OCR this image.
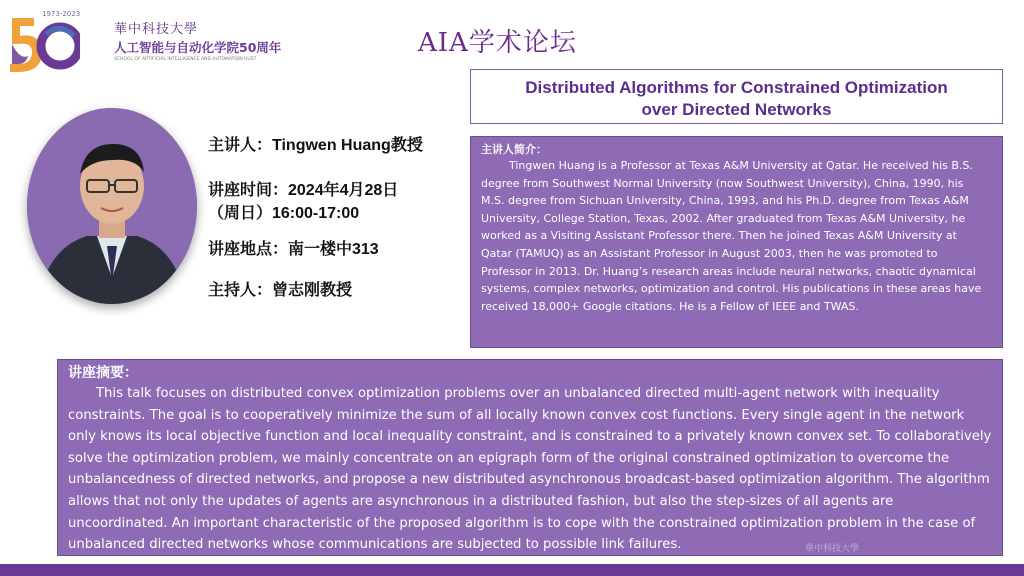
1973-2023
華中科技大學
人工智能与自动化学院50周年
SCHOOL OF ARTIFICIAL INTELLIGENCE AND AUTOMATION HUST
AIA学术论坛
Distributed Algorithms for Constrained Optimization
over Directed Networks
主讲人：Tingwen Huang教授
讲座时间：2024年4月28日
（周日）16:00-17:00
讲座地点：南一楼中313
主持人：曾志刚教授
主讲人简介：
Tingwen Huang is a Professor at Texas A&M University at Qatar. He received his B.S. degree from Southwest Normal University (now Southwest University), China, 1990, his M.S. degree from Sichuan University, China, 1993, and his Ph.D. degree from Texas A&M University, College Station, Texas, 2002. After graduated from Texas A&M University, he worked as a Visiting Assistant Professor there. Then he joined Texas A&M University at Qatar (TAMUQ) as an Assistant Professor in August 2003, then he was promoted to Professor in 2013. Dr. Huang’s research areas include neural networks, chaotic dynamical systems, complex networks, optimization and control. His publications in these areas have received 18,000+ Google citations. He is a Fellow of IEEE and TWAS.
讲座摘要：
This talk focuses on distributed convex optimization problems over an unbalanced directed multi-agent network with inequality constraints. The goal is to cooperatively minimize the sum of all locally known convex cost functions. Every single agent in the network only knows its local objective function and local inequality constraint, and is constrained to a privately known convex set. To collaboratively solve the optimization problem, we mainly concentrate on an epigraph form of the original constrained optimization to overcome the unbalancedness of directed networks, and propose a new distributed asynchronous broadcast-based optimization algorithm. The algorithm allows that not only the updates of agents are asynchronous in a distributed fashion, but also the step-sizes of all agents are uncoordinated. An important characteristic of the proposed algorithm is to cope with the constrained optimization problem in the case of unbalanced directed networks whose communications are subjected to possible link failures.	華中科技大學
